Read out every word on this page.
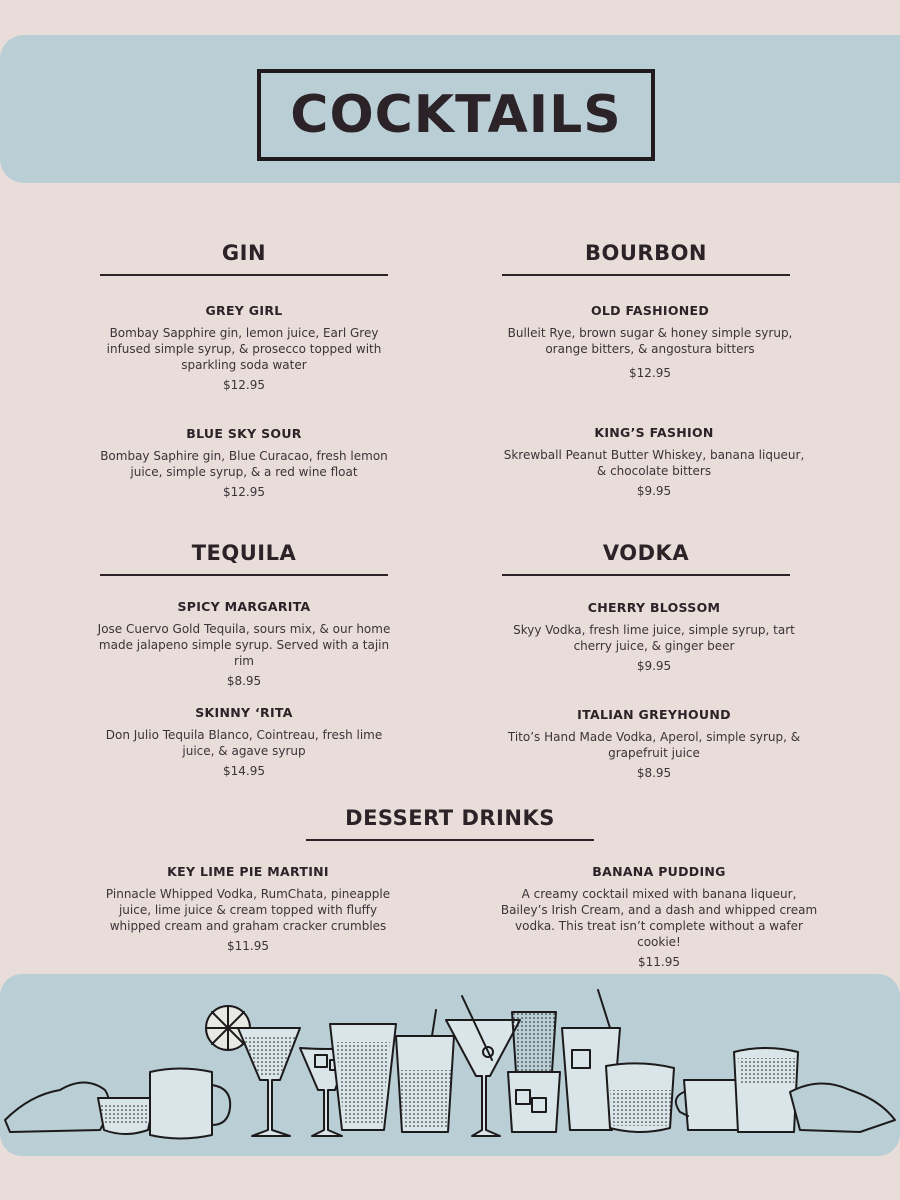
COCKTAILS
GIN	BOURBON
TEQUILA	VODKA
DESSERT DRINKS
GREY GIRL
Bombay Sapphire gin, lemon juice, Earl Grey infused simple syrup, & prosecco topped with sparkling soda water
$12.95
BLUE SKY SOUR
Bombay Saphire gin, Blue Curacao, fresh lemon juice, simple syrup, & a red wine float
$12.95
OLD FASHIONED
Bulleit Rye, brown sugar & honey simple syrup, orange bitters, & angostura bitters
$12.95
KING’S FASHION
Skrewball Peanut Butter Whiskey, banana liqueur, & chocolate bitters
$9.95
SPICY MARGARITA
Jose Cuervo Gold Tequila, sours mix, & our home made jalapeno simple syrup. Served with a tajin rim
$8.95
SKINNY ‘RITA
Don Julio Tequila Blanco, Cointreau, fresh lime juice, & agave syrup
$14.95
CHERRY BLOSSOM
Skyy Vodka, fresh lime juice, simple syrup, tart cherry juice, & ginger beer
$9.95
ITALIAN GREYHOUND
Tito’s Hand Made Vodka, Aperol, simple syrup, & grapefruit juice
$8.95
KEY LIME PIE MARTINI
Pinnacle Whipped Vodka, RumChata, pineapple juice, lime juice & cream topped with fluffy whipped cream and graham cracker crumbles
$11.95
BANANA PUDDING
A creamy cocktail mixed with banana liqueur, Bailey’s Irish Cream, and a dash and whipped cream vodka. This treat isn’t complete without a wafer cookie!
$11.95
